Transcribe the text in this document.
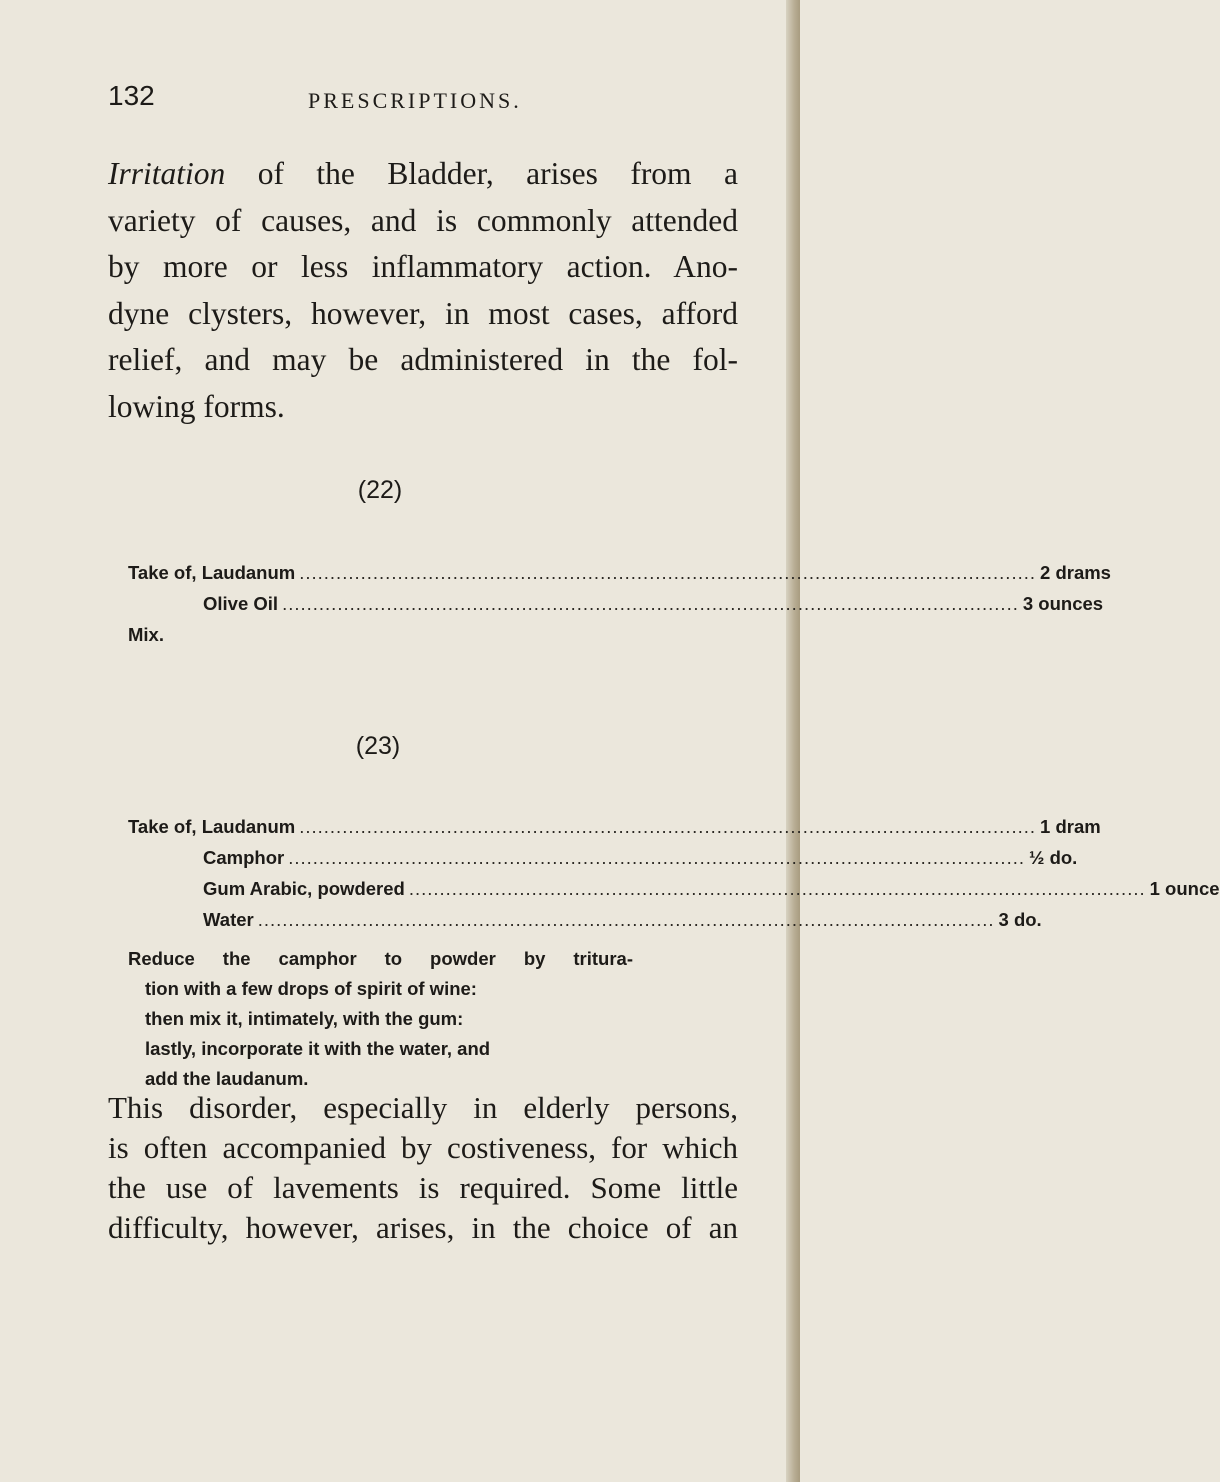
132	PRESCRIPTIONS.

Irritation of the Bladder, arises from a
variety of causes, and is commonly attended
by more or less inflammatory action. Ano-
dyne clysters, however, in most cases, afford
relief, and may be administered in the fol-
lowing forms.

(22)
Take of, Laudanum ........................................................................................................................ 2 drams
Olive Oil ........................................................................................................................ 3 ounces
Mix.
(23)
Take of, Laudanum ........................................................................................................................ 1 dram
Camphor ........................................................................................................................ ½ do.
Gum Arabic, powdered ........................................................................................................................ 1 ounce
Water ........................................................................................................................ 3 do.

Reduce the camphor to powder by tritura-
tion with a few drops of spirit of wine:
then mix it, intimately, with the gum:
lastly, incorporate it with the water, and
add the laudanum.

This disorder, especially in elderly persons,
is often accompanied by costiveness, for which
the use of lavements is required. Some little
difficulty, however, arises, in the choice of an
